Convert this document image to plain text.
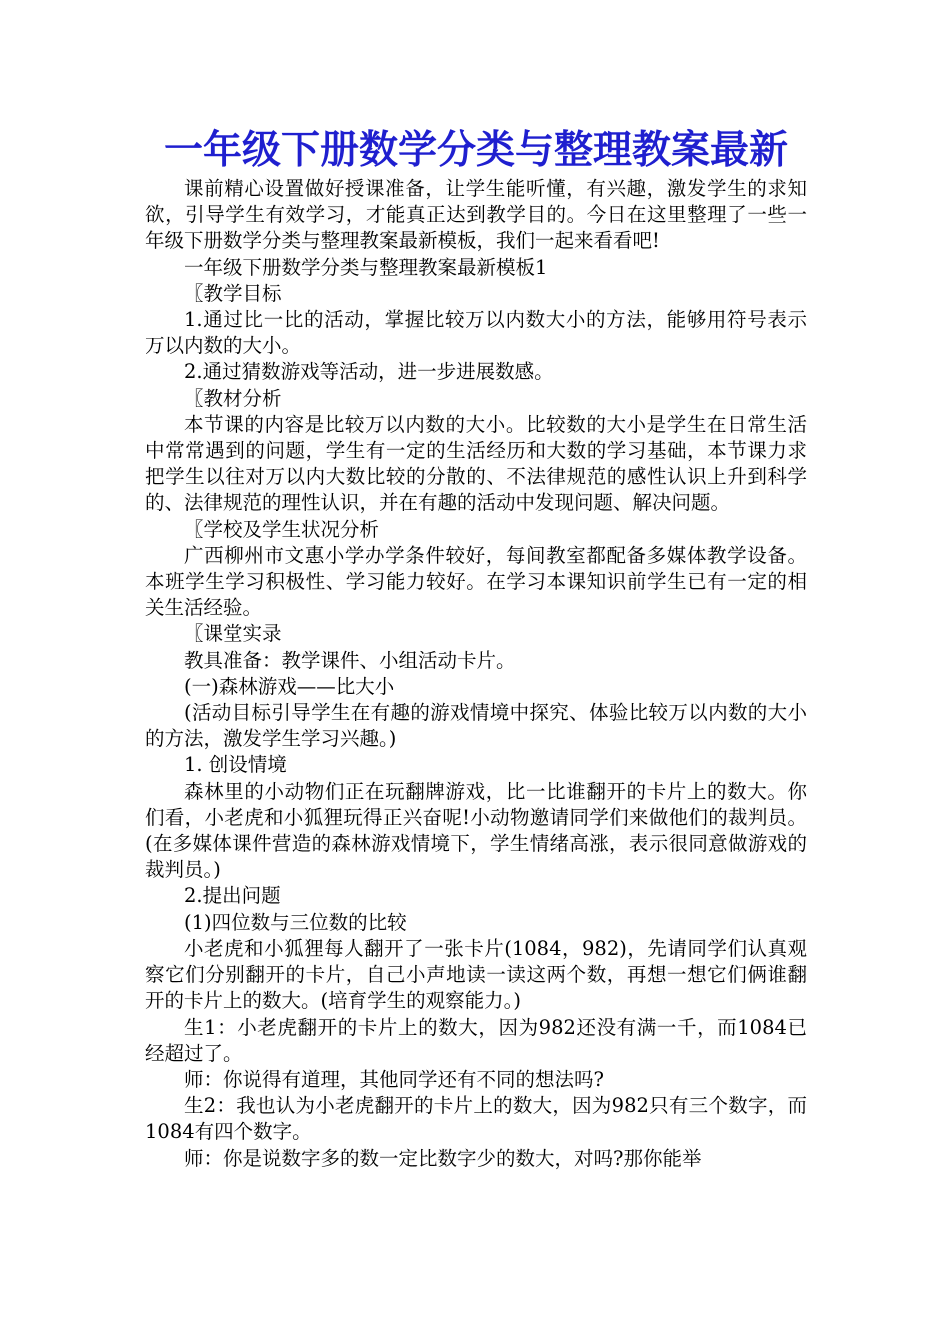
一年级下册数学分类与整理教案最新

课前精心设置做好授课准备，让学生能听懂，有兴趣，激发学生的求知欲，引导学生有效学习，才能真正达到教学目的。今日在这里整理了一些一年级下册数学分类与整理教案最新模板，我们一起来看看吧!

一年级下册数学分类与整理教案最新模板1

〖教学目标

1.通过比一比的活动，掌握比较万以内数大小的方法，能够用符号表示万以内数的大小。

2.通过猜数游戏等活动，进一步进展数感。

〖教材分析

本节课的内容是比较万以内数的大小。比较数的大小是学生在日常生活中常常遇到的问题，学生有一定的生活经历和大数的学习基础，本节课力求把学生以往对万以内大数比较的分散的、不法律规范的感性认识上升到科学的、法律规范的理性认识，并在有趣的活动中发现问题、解决问题。

〖学校及学生状况分析

广西柳州市文惠小学办学条件较好，每间教室都配备多媒体教学设备。本班学生学习积极性、学习能力较好。在学习本课知识前学生已有一定的相关生活经验。

〖课堂实录

教具准备：教学课件、小组活动卡片。

(一)森林游戏——比大小

(活动目标引导学生在有趣的游戏情境中探究、体验比较万以内数的大小的方法，激发学生学习兴趣。)

1. 创设情境

森林里的小动物们正在玩翻牌游戏，比一比谁翻开的卡片上的数大。你们看，小老虎和小狐狸玩得正兴奋呢!小动物邀请同学们来做他们的裁判员。(在多媒体课件营造的森林游戏情境下，学生情绪高涨，表示很同意做游戏的裁判员。)

2.提出问题

(1)四位数与三位数的比较

小老虎和小狐狸每人翻开了一张卡片(1084，982)，先请同学们认真观察它们分别翻开的卡片，自己小声地读一读这两个数，再想一想它们俩谁翻开的卡片上的数大。(培育学生的观察能力。)

生1：小老虎翻开的卡片上的数大，因为982还没有满一千，而1084已经超过了。

师：你说得有道理，其他同学还有不同的想法吗?

生2：我也认为小老虎翻开的卡片上的数大，因为982只有三个数字，而1084有四个数字。

师：你是说数字多的数一定比数字少的数大，对吗?那你能举
